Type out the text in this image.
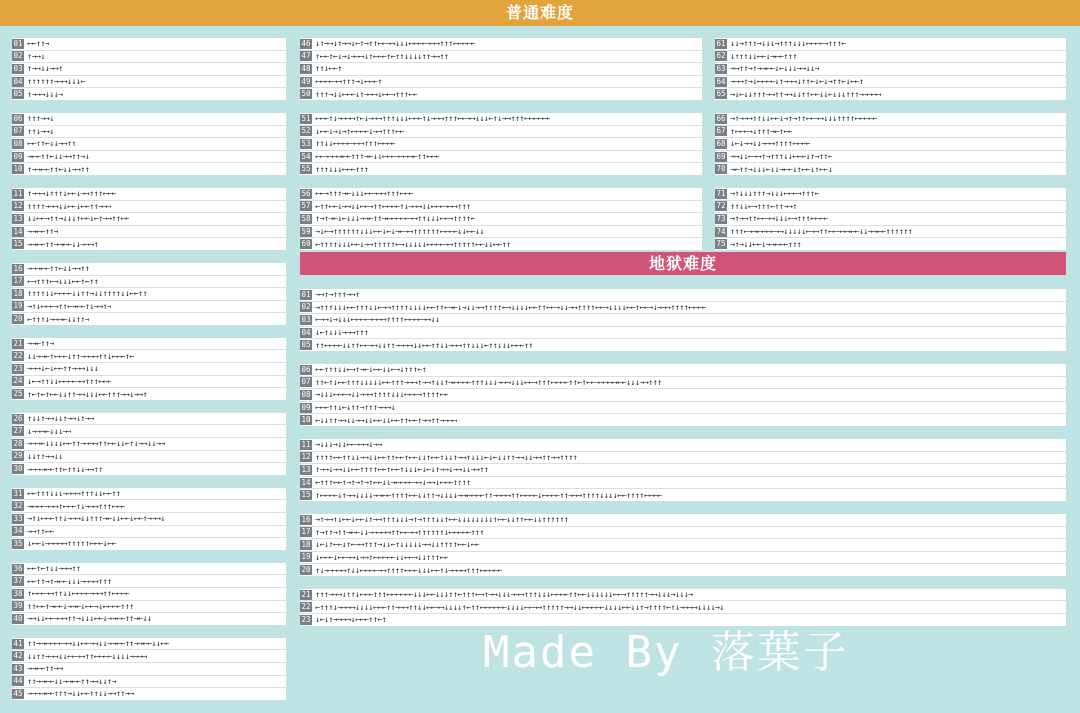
普通难度
地狱难度
01 ←←↑↑→
02 ↑→→↓
03 ↑→→↓↓→→↑
04 ↑↑↑↑↑↑→→→↓↓↓←
05 ↑→→→↓↓↓→
06 ↑↑↑→→↓
07 ↑↑↓→→↓
08 ←←↑↑←↓↓→→↑↑
09 →←←↑↑←↓↓→→↑↑→↓
10 ↑→→←←↑↑←↓↓→→↑↑
11 ↑→→→↓↑↑↑↓←←↓→→↑↑↑←←←
12 ↑↑↑↑→→→↓↓←←↓←←↑↑→→→
13 ↓↓←←→↑↑→↓↓↓↑←←↓←↑→→↑↑←←
14 →→←←↑↑→
15 →→←←↑↑→→←←↓↓→→→↑
16 →→→←←↑↑←↓↓→→↑↑
17 ←→↑↑↑←→↓↓↓←←↑←↑↑
18 ↑↑↑↑↓↓←←←←↓↓↑↑→↓↓↑↑↑↑↓↓←←↑↑
19 →↑↓←←←→↑↑←→←←↑↓→→↑→
20 ←↑↑↑↓→→→←↓↓↑↑→
21 →→←↑↑→
22 ↓↓→→←↑←←←↓↑↑→→→→↑↑↓←←←↑←
23 →→→↓←↓←←↑↑→→→↓↓↓
24 ↓←→↑↑↓↓←←←←→→↑↑↑←←←
25 ↑←↑←↑←←↓↓↑↑→→↓↓↓←←↑↑↑→→↓→→↑
26 ↑↓↓↑→→↓↓↑→→↓↑→→
27 ↓→→→←↓↓↓→→
28 →→→←↓↓↓↓←←↑↑→→→→↑↑←←↓↓←↑↓→→↓↓→→
29 ↓↓↑↑→→↓↓
30 →→→→←←↑↑←↑↑↓↓→→↑↑
31 ←←↑↑↑↓↓↓→→→→↑↑↑↓↓←←↑↑
32 →←←←→→→↑←←←↑↓→→→↑↑↑←←←
33 →↑↓←←←↑↑↓→→→↓↓↑↑↑→←↓↓←←↓←←↑→→→↓
34 →→↑↑←←
35 ↓←←↓→→→→→↑↑↑↑↑←←←↓←←
36 ←←↑←↑↓↓→→→↑↑
37 ←←↑↑→↑→←←↓↓↓→→→→↑↑↑
38 ↑←←←→→↑↑↓↓←←←←→→→↑↑←←←←
39 ↑↑←←↑→←←↓→→←↓←←→↓←←←←↑↑↑
40 →→↓↓←←→→→↑↑→↓↓↓←←↓→→←←↑↑→←↓↓
41 ↑↑→→←←←←→→↓↓←←→→↓↓→→←←↑↑→→←←↓↓←←
42 ↓↓↑↑→→→↓↓←←→→↑↑←←←←↓↓↓↓→→→→
43 →→←←↑↑→→
44 ↑↑→→←←↓↓→→←←↑↑→→↓↓↑→
45 →→→→←←↑↑↑→↓↓←←↑↑↓↓→→↑↑→→
46 ↓↑→→↓↑→→↓←↑→↑↑←←→→↓↓↓←←←←→→→↑↑↑←←←←←
47 ↑←←↑←↓→↓→→→↓↑←←←↑←↑↑↓↓↓↓↑↑→→↑↑
48 ↑↑↓←←↑
49 ←←←←→→↑↑↑→↓←←←↑
50 ↑↑↑→↓↓←←←↓↑→→→↓←←→↑↑↑←←
51 ←←←↑↓→→→→↑←↓→→→↑↑↑↓↓↓←←←↑↓→→→↑↑↑←←→→↓↓↓←↑↓→→↑↑↑←←←←←←
52 ↓←←↓→↓→↑←←←←↓→→↑↑↑←←
53 ↑↑↓↓←←←←→→→↑↑↑←←←←
54 ←←→→→→←←↑↑↑→←↓↓←←←→→→→←↑↑←←←
55 ↑↑↑↓↓↓←←←↑↑↑
56 ←←→↑↑↑→←↓↓↓←←→→→↑↑↑←←←
57 ←↑↑←←↓→→↓↓←←→↑↑←←←←↑↓→→→↓↓←←←→→→↑↑↑
58 ↑→↑→←↓←↓↓↓→→←↑↑→←←←←←→→↑↑↓↓↓←←→↑↑↑↑←
59 →↓←→↑↑↑↑↑↑↓↓↓←←↓←↓→←→→↑↑↑↑↑↑←←←←↓↓←←↓↓
60 ←↑↑↑↑↓↓↓←←↓→→↑↑↑↑↑←→↓↓↓↓↓←←←←→→↑↑↑↑↑←←↓↓←←↑↑
61 ↓↓→↑↑↑→↓↓↓→↑↑↑↓↓↓←←←←→↑↑↑←
62 ↓↑↑↑↓↓←←↓→←←↑↑↑
63 →→↑↑→↑→→←←↓←↓↓↓→→↓↓→
64 →→→↑→↓←←←←↓↑→→→↓↑↑←↓←↓→↑↑←↓←←↑
65 →↓←↓↓↑↑↑→→↑↑→→↓↓↑↑←←↓↓←↓↓↓↑↑↑→→→→→
66 →↑→→→↑↑↓↓←←↓→↑→↑↑←←→→↓↓↓↑↑↑↑←←←←←
67 ↑←←←→↓↑↑↑→←↑←←
68 ↓←↓→→↓↓→→→↑↑↑↑←←←←
69 →→↓↓←→→↑→↑↑↑↓↓←←←↓↑→↑↑←
70 →←↑↑→↓↓↓←↓↓→←←↓↑←←↓↑←←↓
71 →↑↓↓↓↑↑↑→↓↓↓←←←→↑↑↑←
72 ↑↑↓↓←→↑↑↑←↑↑→→↑
73 →↑→→↑↑←←→→↓↓↓←→↑↑↑←←←←
74 ↑↑↑←→→←←←←→→↓↓↓↓↓←→→↑↑←←→→→←←↓↓→→←←↑↑↑↑↑↑
75 →↑→↓↓←←↓→→←←←↑↑↑
01 →→↑→↑↑↑→→↑
02 →↑↑↑↓↓↓←←↑↑↑↓↓←→→↑↑↑↑↓↓↓↓←←↑↑←→←↓→↓↓→→↑↑↑↑←→↓↓↓↓←←↑↑←←→↓↓→→↑↑↑↑←←→↓↓↓↓←←↑←←→↓→→→↑↑↑↑←←←←
03 ←→→↓→↓↓↓←←←←→→→→↑↑↑↑←←←←→→↓↓
04 ↓←↑↓↓↓→→→↑↑↑
05 ↑↑←←←←↓↓↑↑←←→→↓↓↑↑→→→→↓↓←←↑↑↓↓→→→↑↑↓↓↓←↑↑↓↓↓←←←↑↑
06 ←←↑↑↑↓↓←→↑→←↓←←↓↓←→↓↑↑↑←↑
07 ↑↑←↑↓←←↑↑↑↓↓↓↓↓←←↑↑↑→→→↑→→↑↓↓↑→←←←←↑↑↑↓↓↓→→→↓↓↓←←→↑↑↑←←←←↑↑←↑←←→→→→→←←↓↓↓→→↑↑↑
08 →↓↓↓←←←→↓↓→→→↑↑↑↑↓↓↓←←←→↑↑↑↑←←
09 ←←←↑↑↓←↓↑↑→↑↑↑→→→↓
10 ←↓↓↑↑→→↓↓→→↓↓←←↓↓←←↑↑←←↑→→↑↑→→→→
11 →↓↓↓→↓↓←←→→→↓→→
12 ↑↑↑↑←←↑↑↓↓→→↓↓←←↑↑←←↑←←↓↓↑←←↑↓↓↑→→↑↓↓↓←↓←↓↓↑↑→→↓↓→→↑↑→→↑↑↑↑
13 ↑→→↓→→↓↓←←↑↑↑↑←←↑←←↑↓↓↓←↓←↓↑→→↓→→↓↓→→↑↑
14 ←↑↑↑←←↑→↑→↑→↑←←↓↓→←←←←→→↓→→↓←←←↑↑↑↑
15 ↑←←←←↓↑→→↓↓↓↓→→←←↑↑↑↑←←↓↓↑↑→↓↓↓↓→→←←←←↑↑→→→→↑↑←←←←↓←←←←↑↑→→→↑↑↑↑↓↓↓↓←←↑↑↑↑←←←←
16 →↑→→↑↓←←↓←←↓↑→→↑↑↑↓↓↓→↑→↑↑↑↓↓↑←←↓↓↓↓↓↓↓↓↑←←↓↓↑↑←←↓↓↑↑↑↑↑↑
17 ↑→↑↑→↑↑→←←↓↓→→→→→↑↑←←→→↑↑↑↑↑↑↓←←←←←↑↑↑
18 ↓←↓↑←←↓↑←→→↑↑↑→↓↓←↑↓↓↓↓↓→→↓↓↑↑↑↑←←↓←←
19 ↓←←←↓←←→→↓→→↑←←←←←↓↓←←→↓↓↑↑↑←←
20 ↑↓→→→→→↑↓↓←←←←→→↑↑↑↑←←←↓↓↓←←↑↓→→→→↑↑↑←←←←←
21 ↑↑↑→→→↓↑↑↓←←←↑↑↑←←←←←←↓↓↓←←↓↓↓↑↑←↑↑↑←→↑→→↓↓↓→→→↑↑↑↓↓↓←←←←↑↑←←↓↓↓↓↓↓←←→↑↑↑↑↑→→↓↓↓→↓↓↓→
22 ←↑↑↑↓→→→→↓↓↓↓←←←↑↑→→→↑↑↓↓←←→→↓↓↓↓↑←↑↑←←←←←←↓↓↓↓←←→→↑↑↑↑↑→→↓↓←←←←←↓↓↓↓←←↓↓↑→↑↑↑↑←↑↓→→→→↓↓↓↓→↓
23 ↓←↓↑→→→→↓←←←↑↑←↑
Made By 落葉子
